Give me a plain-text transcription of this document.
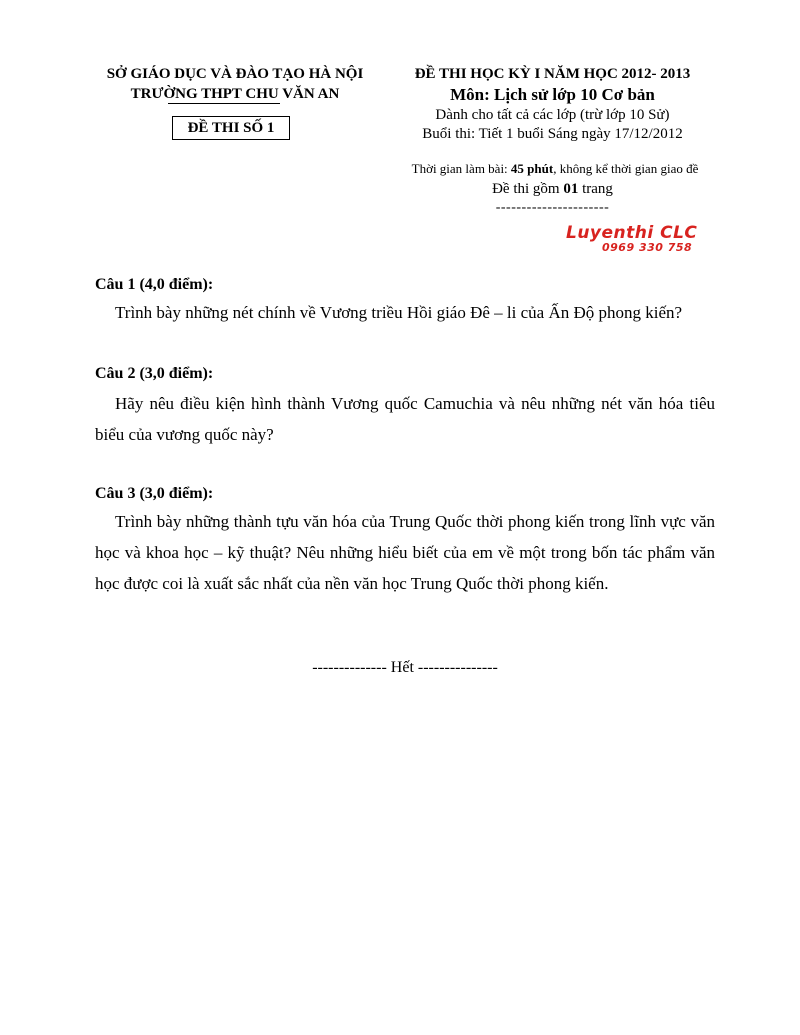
SỞ GIÁO DỤC VÀ ĐÀO TẠO HÀ NỘI
TRƯỜNG THPT CHU VĂN AN
ĐỀ THI SỐ 1
ĐỀ THI HỌC KỲ I NĂM HỌC 2012- 2013
Môn: Lịch sử lớp 10 Cơ bản
Dành cho tất cả các lớp (trừ lớp 10 Sử)
Buổi thi: Tiết 1 buổi Sáng ngày 17/12/2012
Thời gian làm bài: 45 phút, không kể thời gian giao đề
Đề thi gồm 01 trang
----------------------
Luyenthi CLC
0969 330 758
Câu 1 (4,0 điểm):
Trình bày những nét chính về Vương triều Hồi giáo Đê – li của Ấn Độ phong kiến?
Câu 2 (3,0 điểm):
Hãy nêu điều kiện hình thành Vương quốc Camuchia và nêu những nét văn hóa tiêu biểu của vương quốc này?
Câu 3 (3,0 điểm):
Trình bày những thành tựu văn hóa của Trung Quốc thời phong kiến trong lĩnh vực văn học và khoa học – kỹ thuật? Nêu những hiểu biết của em về một trong bốn tác phẩm văn học được coi là xuất sắc nhất của nền văn học Trung Quốc thời phong kiến.
-------------- Hết ---------------
